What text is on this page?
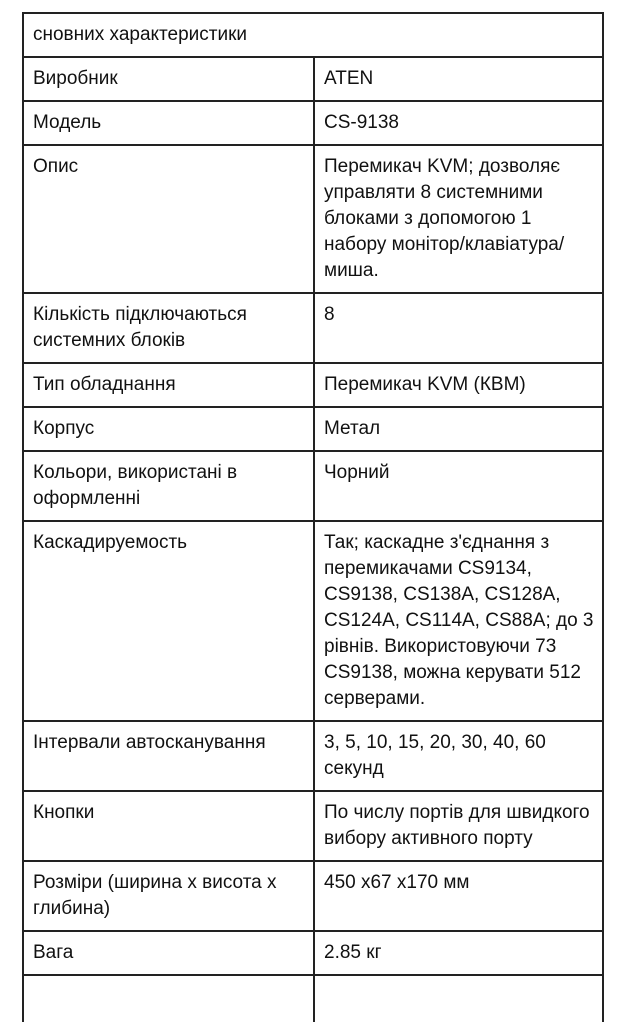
сновних характеристики	
Виробник	ATEN
Модель	CS-9138
Опис	Перемикач KVM; дозволяє управляти 8 системними блоками з допомогою 1 набору монітор/клавіатура/миша.
Кількість підключаються системних блоків	8
Тип обладнання	Перемикач KVM (КВМ)
Корпус	Метал
Кольори, використані в оформленні	Чорний
Каскадируемость	Так; каскадне з'єднання з перемикачами CS9134, CS9138, CS138A, CS128A, CS124A, CS114A, CS88A; до 3 рівнів. Використовуючи 73 CS9138, можна керувати 512 серверами.
Інтервали автосканування	3, 5, 10, 15, 20, 30, 40, 60 секунд
Кнопки	По числу портів для швидкого вибору активного порту
Розміри (ширина х висота х глибина)	450 x67 x170 мм
Вага	2.85 кг
